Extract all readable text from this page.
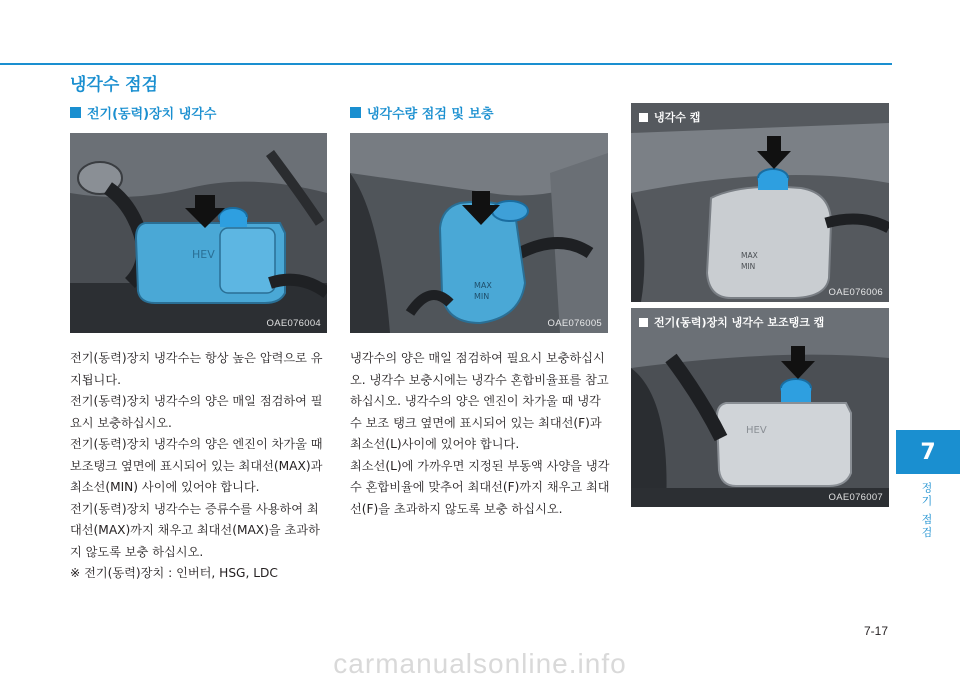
냉각수 점검
전기(동력)장치 냉각수
HEV
OAE076004

전기(동력)장치 냉각수는 항상 높은 압력으로 유지됩니다.

전기(동력)장치 냉각수의 양은 매일 점검하여 필요시 보충하십시오.

전기(동력)장치 냉각수의 양은 엔진이 차가울 때 보조탱크 옆면에 표시되어 있는 최대선(MAX)과 최소선(MIN) 사이에 있어야 합니다.

전기(동력)장치 냉각수는 증류수를 사용하여 최대선(MAX)까지 채우고 최대선(MAX)을 초과하지 않도록 보충 하십시오.

※ 전기(동력)장치 : 인버터, HSG, LDC

냉각수량 점검 및 보충
MAX
MIN
OAE076005

냉각수의 양은 매일 점검하여 필요시 보충하십시오. 냉각수 보충시에는 냉각수 혼합비율표를 참고 하십시오. 냉각수의 양은 엔진이 차가울 때 냉각수 보조 탱크 옆면에 표시되어 있는 최대선(F)과 최소선(L)사이에 있어야 합니다.

최소선(L)에 가까우면 지정된 부동액 사양을 냉각수 혼합비율에 맞추어 최대선(F)까지 채우고 최대선(F)을 초과하지 않도록 보충 하십시오.

MAX
MIN
냉각수 캡
OAE076006
HEV
전기(동력)장치 냉각수 보조탱크 캡
OAE076007
7
정기 점검
7-17
carmanualsonline.info
